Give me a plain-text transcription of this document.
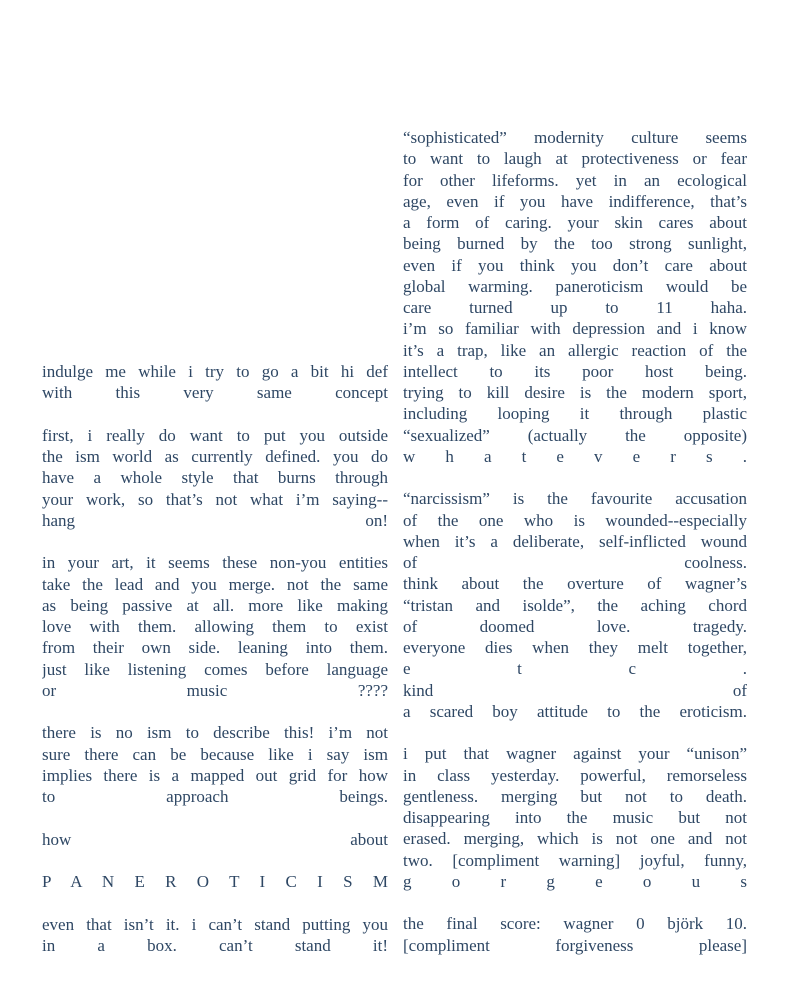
indulge me while i try to go a bit hi def
with this very same concept
first, i really do want to put you outside
the ism world as currently defined. you do
have a whole style that burns through
your work, so that’s not what i’m saying--
hang on!
in your art, it seems these non-you entities
take the lead and you merge. not the same
as being passive at all. more like making
love with them. allowing them to exist
from their own side. leaning into them.
just like listening comes before language
or music ????
there is no ism to describe this! i’m not
sure there can be because like i say ism
implies there is a mapped out grid for how
to approach beings.
how about
P A N E R O T I C I S M
even that isn’t it. i can’t stand putting you
in a box. can’t stand it!
“sophisticated” modernity culture seems
to want to laugh at protectiveness or fear
for other lifeforms. yet in an ecological
age, even if you have indifference, that’s
a form of caring. your skin cares about
being burned by the too strong sunlight,
even if you think you don’t care about
global warming. paneroticism would be
care turned up to 11 haha.
i’m so familiar with depression and i know
it’s a trap, like an allergic reaction of the
intellect to its poor host being.
trying to kill desire is the modern sport,
including looping it through plastic
“sexualized” (actually the opposite)
w h a t e v e r s .
“narcissism” is the favourite accusation
of the one who is wounded--especially
when it’s a deliberate, self-inflicted wound
of coolness.
think about the overture of wagner’s
“tristan and isolde”, the aching chord
of doomed love. tragedy.
everyone dies when they melt together,
e t c .
kind of
a scared boy attitude to the eroticism.
i put that wagner against your “unison”
in class yesterday. powerful, remorseless
gentleness. merging but not to death.
disappearing into the music but not
erased. merging, which is not one and not
two. [compliment warning] joyful, funny,
g o r g e o u s
the final score: wagner 0 björk 10.
[compliment forgiveness please]
